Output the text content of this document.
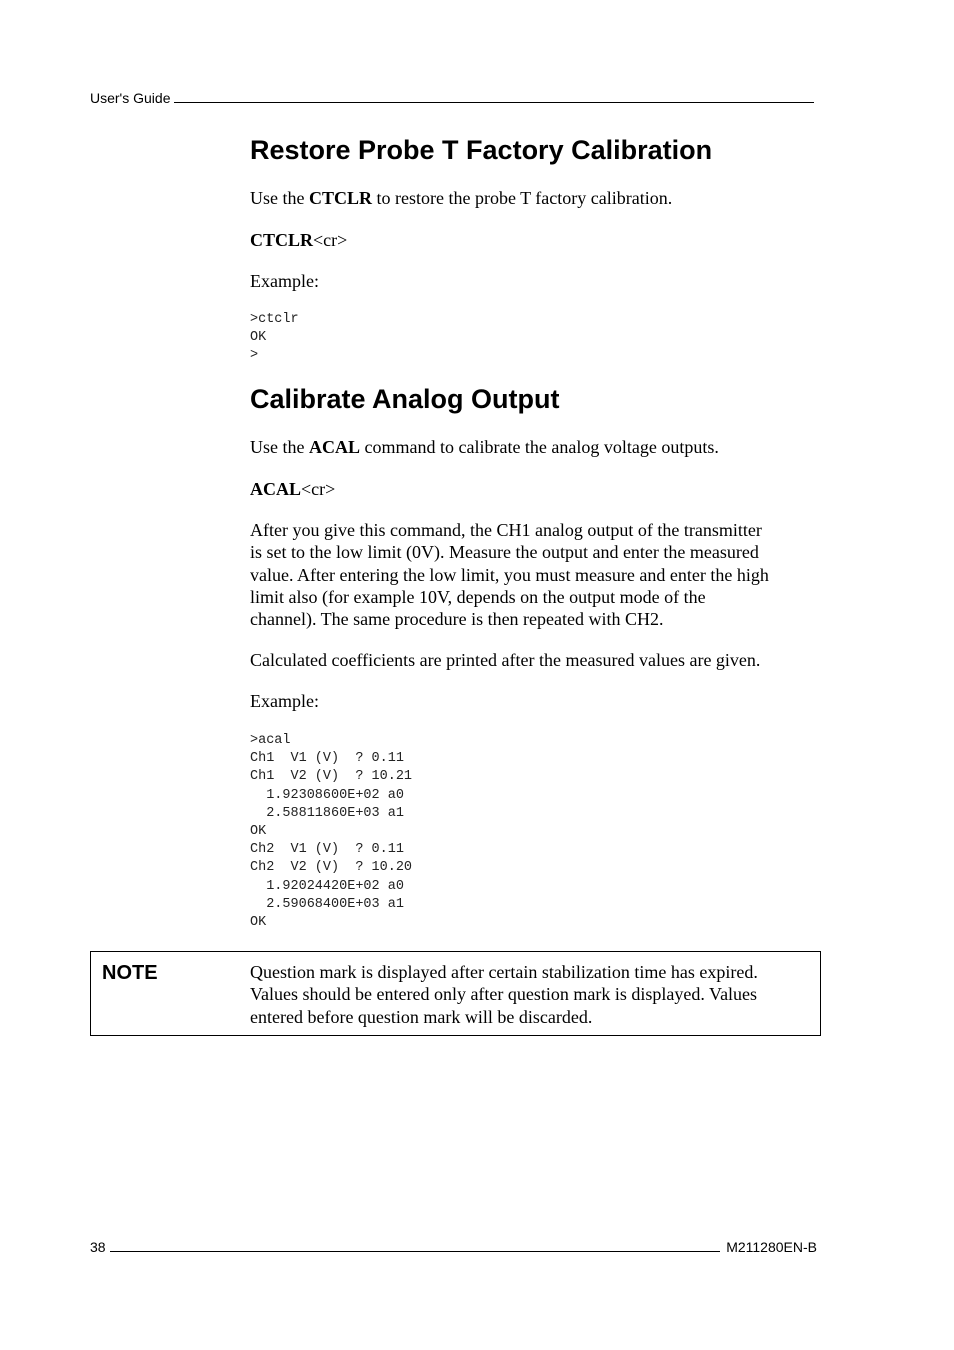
User's Guide
Restore Probe T Factory Calibration

Use the CTCLR to restore the probe T factory calibration.

CTCLR<cr>

Example:

>ctclr
OK
>
Calibrate Analog Output

Use the ACAL command to calibrate the analog voltage outputs.

ACAL<cr>

After you give this command, the CH1 analog output of the transmitter
is set to the low limit (0V). Measure the output and enter the measured
value. After entering the low limit, you must measure and enter the high
limit also (for example 10V, depends on the output mode of the
channel). The same procedure is then repeated with CH2.

Calculated coefficients are printed after the measured values are given.

Example:

>acal
Ch1  V1 (V)  ? 0.11
Ch1  V2 (V)  ? 10.21
1.92308600E+02 a0
2.58811860E+03 a1
OK
Ch2  V1 (V)  ? 0.11
Ch2  V2 (V)  ? 10.20
1.92024420E+02 a0
2.59068400E+03 a1
OK
NOTE	Question mark is displayed after certain stabilization time has expired.
Values should be entered only after question mark is displayed. Values
entered before question mark will be discarded.
38	M211280EN-B
